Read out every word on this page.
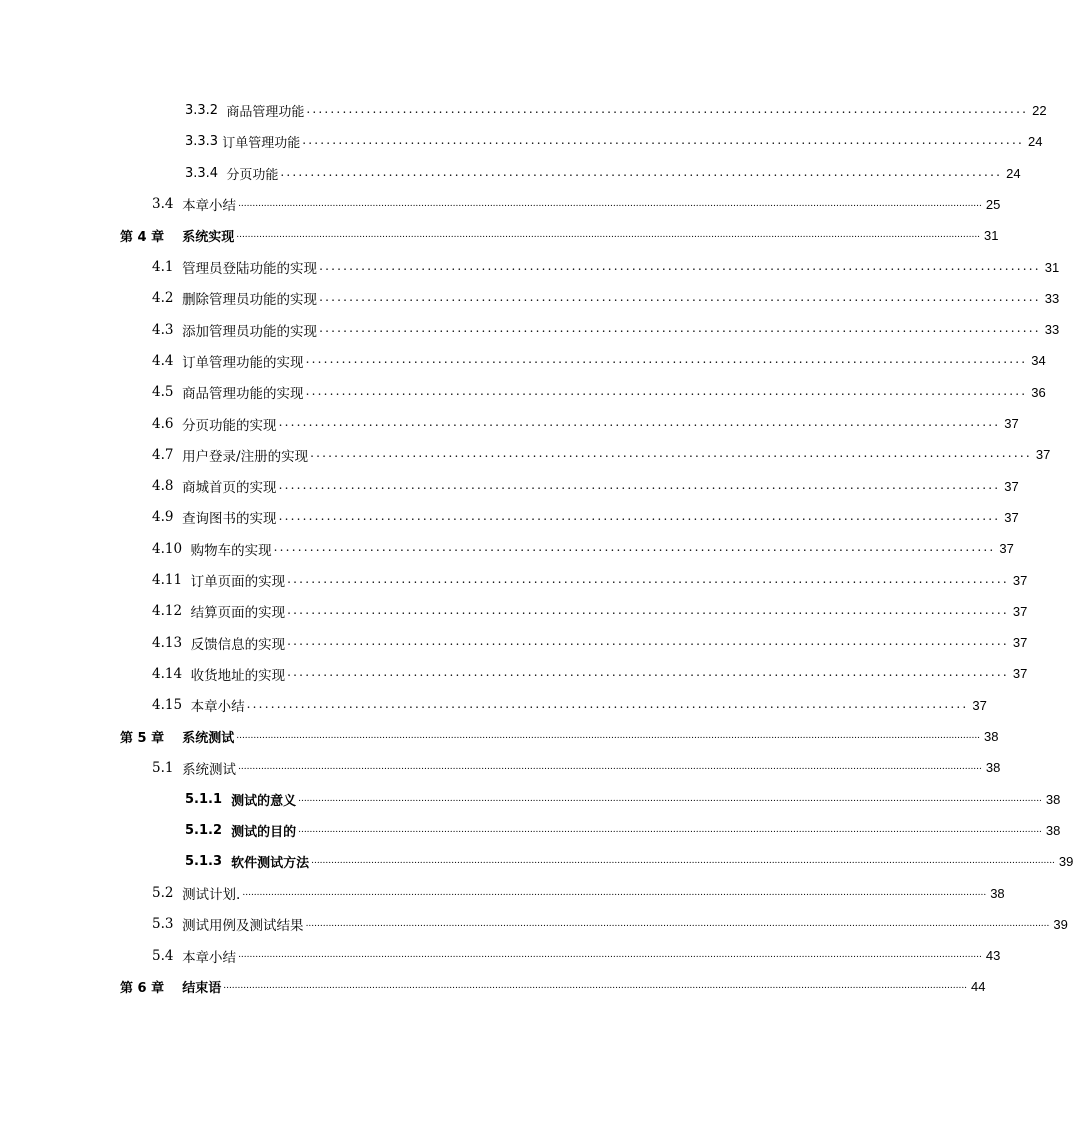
3.3.2 商品管理功能 ........................................................................................................................ 22
3.3.3 订单管理功能 ........................................................................................................................ 24
3.3.4 分页功能 ........................................................................................................................ 24
3.4 本章小结 .................................................................................................................................................................................................................................................................... 25
第 4 章 系统实现 .................................................................................................................................................................................................................................................................... 31
4.1 管理员登陆功能的实现 ........................................................................................................................ 31
4.2 删除管理员功能的实现 ........................................................................................................................ 33
4.3 添加管理员功能的实现 ........................................................................................................................ 33
4.4 订单管理功能的实现 ........................................................................................................................ 34
4.5 商品管理功能的实现 ........................................................................................................................ 36
4.6 分页功能的实现 ........................................................................................................................ 37
4.7 用户登录/注册的实现 ........................................................................................................................ 37
4.8 商城首页的实现 ........................................................................................................................ 37
4.9 查询图书的实现 ........................................................................................................................ 37
4.10 购物车的实现 ........................................................................................................................ 37
4.11 订单页面的实现 ........................................................................................................................ 37
4.12 结算页面的实现 ........................................................................................................................ 37
4.13 反馈信息的实现 ........................................................................................................................ 37
4.14 收货地址的实现 ........................................................................................................................ 37
4.15 本章小结 ........................................................................................................................ 37
第 5 章 系统测试 .................................................................................................................................................................................................................................................................... 38
5.1 系统测试 .................................................................................................................................................................................................................................................................... 38
5.1.1 测试的意义 .................................................................................................................................................................................................................................................................... 38
5.1.2 测试的目的 .................................................................................................................................................................................................................................................................... 38
5.1.3 软件测试方法 .................................................................................................................................................................................................................................................................... 39
5.2 测试计划. .................................................................................................................................................................................................................................................................... 38
5.3 测试用例及测试结果 .................................................................................................................................................................................................................................................................... 39
5.4 本章小结 .................................................................................................................................................................................................................................................................... 43
第 6 章 结束语 .................................................................................................................................................................................................................................................................... 44
